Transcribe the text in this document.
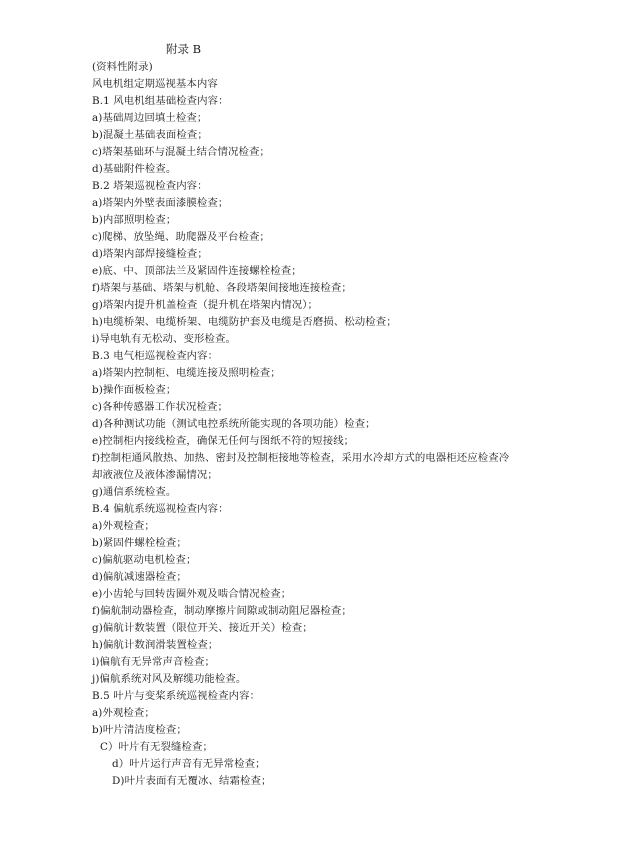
附录 B
(资料性附录)
风电机组定期巡视基本内容
B.1 风电机组基础检查内容：
a)基础周边回填土检查；
b)混凝土基础表面检查；
c)塔架基础环与混凝土结合情况检查；
d)基础附件检查。
B.2 塔架巡视检查内容：
a)塔架内外壁表面漆膜检查；
b)内部照明检查；
c)爬梯、放坠绳、助爬器及平台检查；
d)塔架内部焊接缝检查；
e)底、中、顶部法兰及紧固件连接螺栓检查；
f)塔架与基础、塔架与机舱、各段塔架间接地连接检查；
g)塔架内提升机盖检查（提升机在塔架内情况）；
h)电缆桥架、电缆桥架、电缆防护套及电缆是否磨损、松动检查；
i)导电轨有无松动、变形检查。
B.3 电气柜巡视检查内容：
a)塔架内控制柜、电缆连接及照明检查；
b)操作面板检查；
c)各种传感器工作状况检查；
d)各种测试功能（测试电控系统所能实现的各项功能）检查；
e)控制柜内接线检查，确保无任何与图纸不符的短接线；
f)控制柜通风散热、加热、密封及控制柜接地等检查，采用水冷却方式的电器柜还应检查冷
却液液位及液体渗漏情况；
g)通信系统检查。
B.4 偏航系统巡视检查内容：
a)外观检查；
b)紧固件螺栓检查；
c)偏航驱动电机检查；
d)偏航减速器检查；
e)小齿轮与回转齿圈外观及啮合情况检查；
f)偏航制动器检查，制动摩擦片间隙或制动阻尼器检查；
g)偏航计数装置（限位开关、接近开关）检查；
h)偏航计数润滑装置检查；
i)偏航有无异常声音检查；
j)偏航系统对风及解缆功能检查。
B.5 叶片与变桨系统巡视检查内容：
a)外观检查；
b)叶片清洁度检查；
C）叶片有无裂缝检查；
d）叶片运行声音有无异常检查；
D)叶片表面有无覆冰、结霜检查；
